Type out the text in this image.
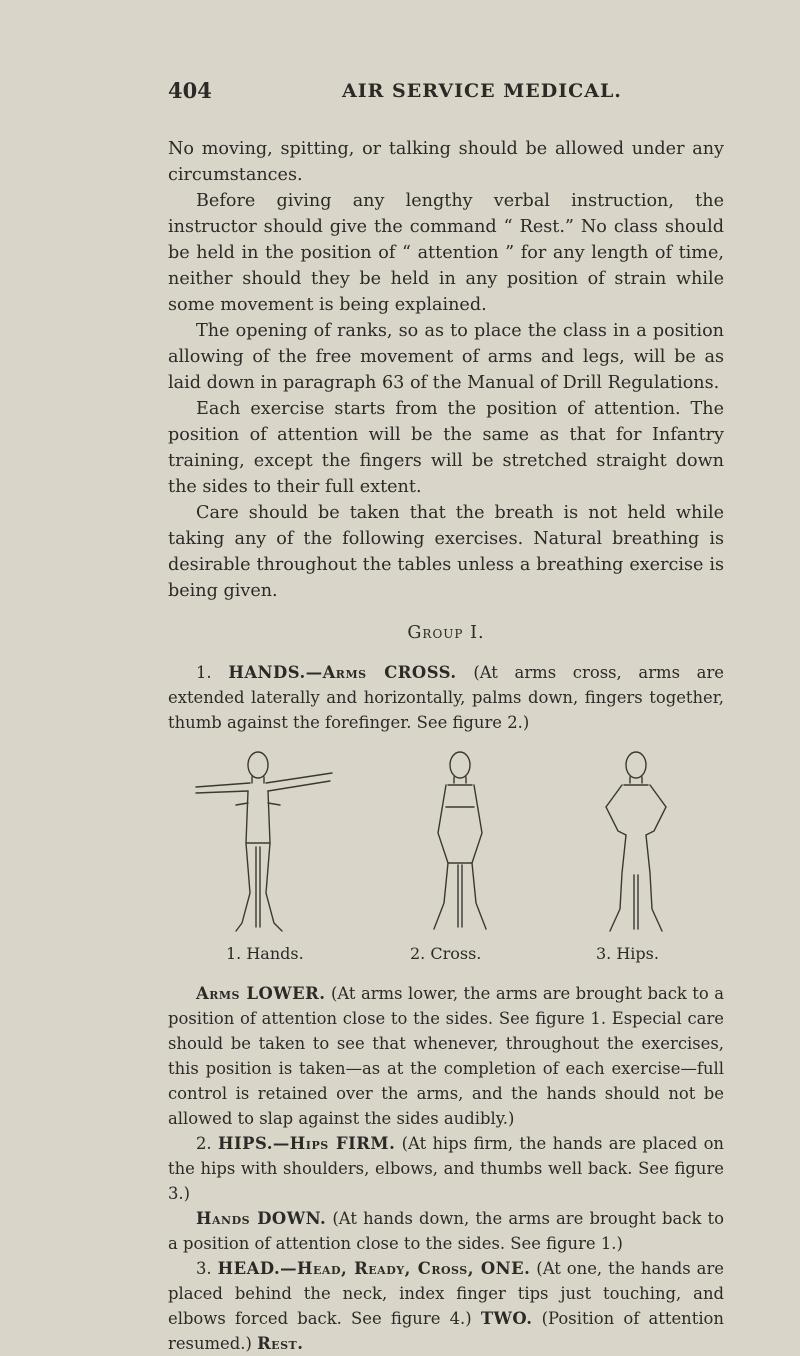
404	AIR SERVICE MEDICAL.

No moving, spitting, or talking should be allowed under any circumstances.

Before giving any lengthy verbal instruction, the instructor should give the command “ Rest.” No class should be held in the position of “ attention ” for any length of time, neither should they be held in any position of strain while some movement is being explained.

The opening of ranks, so as to place the class in a position allowing of the free movement of arms and legs, will be as laid down in paragraph 63 of the Manual of Drill Regulations.

Each exercise starts from the position of attention. The position of attention will be the same as that for Infantry training, except the fingers will be stretched straight down the sides to their full extent.

Care should be taken that the breath is not held while taking any of the following exercises. Natural breathing is desirable throughout the tables unless a breathing exercise is being given.

Group I.

1. HANDS.—Arms CROSS. (At arms cross, arms are extended laterally and horizontally, palms down, fingers together, thumb against the forefinger. See figure 2.)

1. Hands.	2. Cross.	3. Hips.

Arms LOWER. (At arms lower, the arms are brought back to a position of attention close to the sides. See figure 1. Especial care should be taken to see that whenever, throughout the exercises, this position is taken—as at the completion of each exercise—full control is retained over the arms, and the hands should not be allowed to slap against the sides audibly.)

2. HIPS.—Hips FIRM. (At hips firm, the hands are placed on the hips with shoulders, elbows, and thumbs well back. See figure 3.)

Hands DOWN. (At hands down, the arms are brought back to a position of attention close to the sides. See figure 1.)

3. HEAD.—Head, Ready, Cross, ONE. (At one, the hands are placed behind the neck, index finger tips just touching, and elbows forced back. See figure 4.) TWO. (Position of attention resumed.) Rest.
